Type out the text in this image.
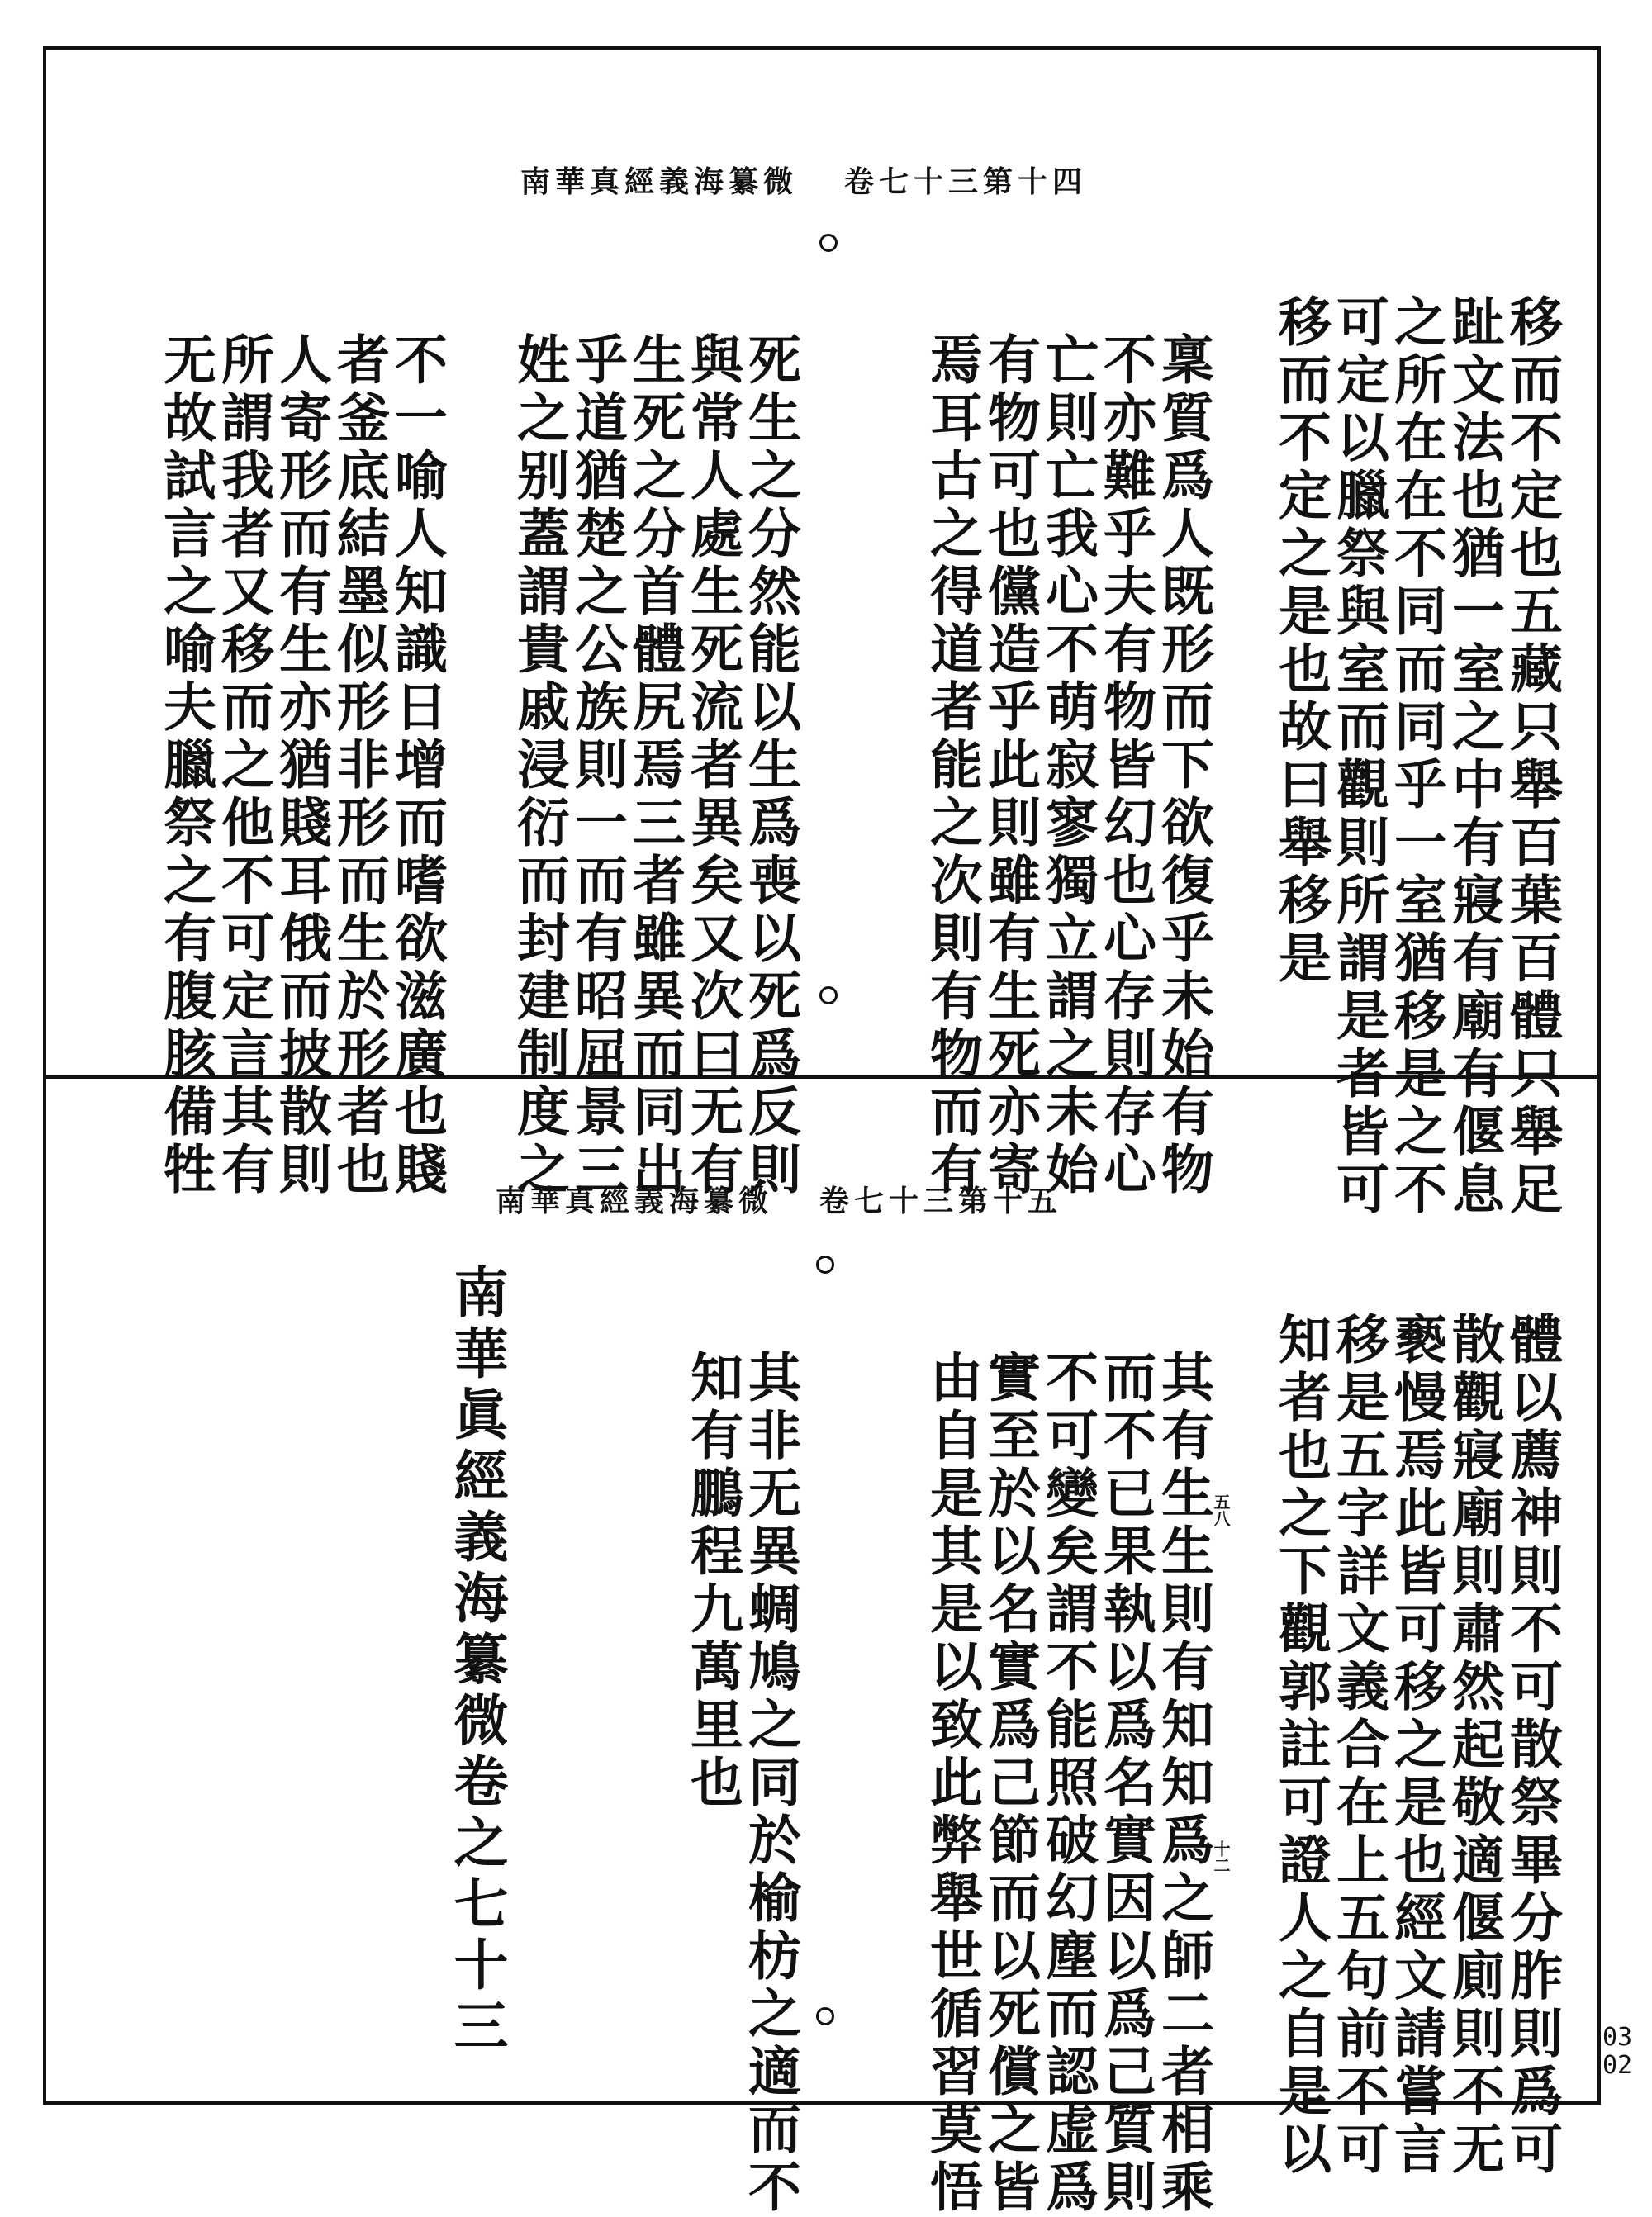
南華真經義海纂微 卷七十三第十四
移而不定也五藏只舉百葉百體只舉足
趾文法也猶一室之中有寢有廟有偃息
之所在在不同而同乎一室猶移是之不
可定以臘祭與室而觀則所謂是者皆可
移而不定之是也故曰舉移是
稟質爲人既形而下欲復乎未始有物
不亦難乎夫有物皆幻也心存則存心
亡則亡我心不萌寂寥獨立謂之未始
有物可也儻造乎此則雖有生死亦寄
焉耳古之得道者能之次則有物而有
死生之分然能以生爲喪以死爲反則
與常人處生死流者異矣又次曰无有
生死之分首體尻焉三者雖異而同出
乎道猶楚之公族則一而有昭屈景三
姓之别蓋謂貴戚浸衍而封建制度之
不一喻人知識日增而嗜欲滋廣也賤
者釜底結墨似形非形而生於形者也
人寄形而有生亦猶賤耳俄而披散則
所謂我者又移而之他不可定言其有
无故試言之喻夫臘祭之有腹胲備牲
南華真經義海纂微 卷七十三第十五
體以薦神則不可散祭畢分胙則爲可
散觀寢廟則肅然起敬適偃廁則不无
褻慢焉此皆可移之是也經文請嘗言
移是五字詳文義合在上五句前不可
知者也之下觀郭註可證人之自是以
五八
十二
其有生生則有知知爲之師二者相乘
而不已果執以爲名實因以爲己質則
不可變矣謂不能照破幻塵而認虚爲
實至於以名實爲己節而以死償之皆
由自是其是以致此弊舉世循習莫悟
其非无異蜩鳩之同於榆枋之適而不
知有鵬程九萬里也
南華眞經義海纂微卷之七十三	0302
